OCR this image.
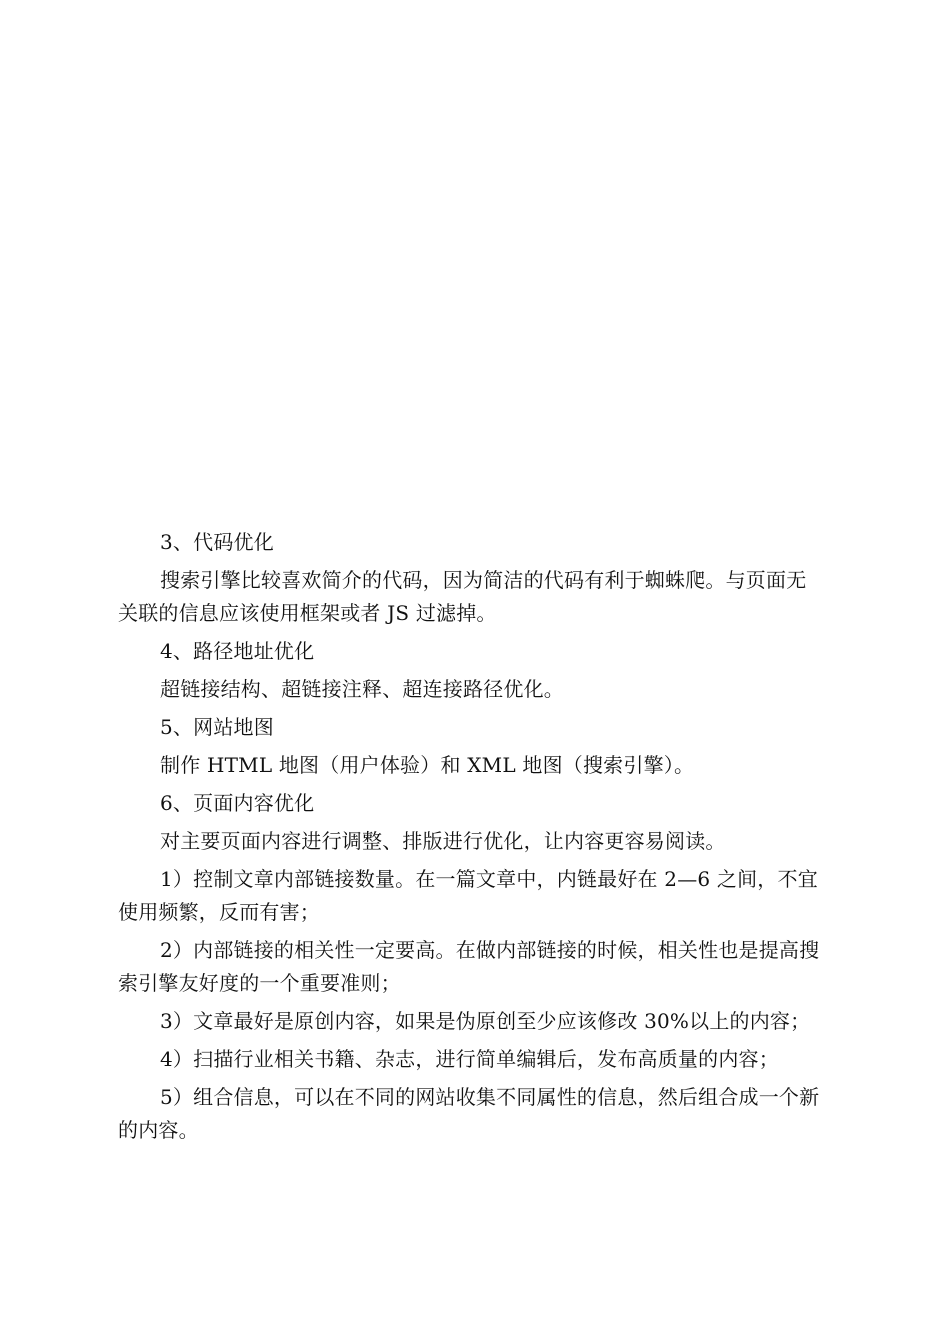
3、代码优化

搜索引擎比较喜欢简介的代码，因为简洁的代码有利于蜘蛛爬。与页面无关联的信息应该使用框架或者 JS 过滤掉。

4、路径地址优化

超链接结构、超链接注释、超连接路径优化。

5、网站地图

制作 HTML 地图（用户体验）和 XML 地图（搜索引擎）。

6、页面内容优化

对主要页面内容进行调整、排版进行优化，让内容更容易阅读。

1）控制文章内部链接数量。在一篇文章中，内链最好在 2—6 之间，不宜使用频繁，反而有害；

2）内部链接的相关性一定要高。在做内部链接的时候，相关性也是提高搜索引擎友好度的一个重要准则；

3）文章最好是原创内容，如果是伪原创至少应该修改 30%以上的内容；

4）扫描行业相关书籍、杂志，进行简单编辑后，发布高质量的内容；

5）组合信息，可以在不同的网站收集不同属性的信息，然后组合成一个新的内容。
